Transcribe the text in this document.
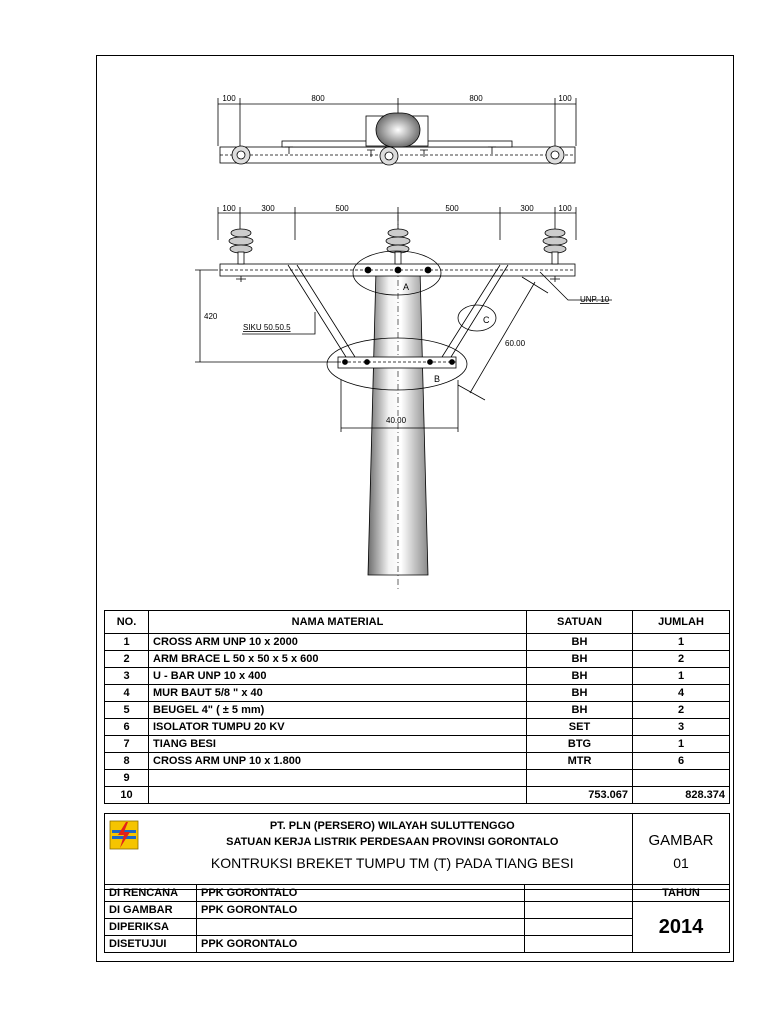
100	800	800	100
100	300	500	500	300	100
A
B
C
UNP. 10
SIKU 50.50.5
420
60.00
40.00
NO.	NAMA MATERIAL	SATUAN	JUMLAH
1	CROSS ARM UNP 10 x 2000	BH	1
2	ARM BRACE L 50 x 50 x 5 x 600	BH	2
3	U - BAR UNP 10 x 400	BH	1
4	MUR BAUT 5/8 " x 40	BH	4
5	BEUGEL 4" ( ± 5 mm)	BH	2
6	ISOLATOR TUMPU 20 KV	SET	3
7	TIANG BESI	BTG	1
8	CROSS ARM UNP 10 x 1.800	MTR	6
9			
10		753.067	828.374

PT. PLN (PERSERO) WILAYAH SULUTTENGGO
SATUAN KERJA LISTRIK PERDESAAN PROVINSI GORONTALO
KONTRUKSI BREKET TUMPU TM (T) PADA TIANG BESI

GAMBAR
01
DI RENCANA	PPK GORONTALO		TAHUN
DI GAMBAR	PPK GORONTALO		2014
DIPERIKSA			
DISETUJUI	PPK GORONTALO		
